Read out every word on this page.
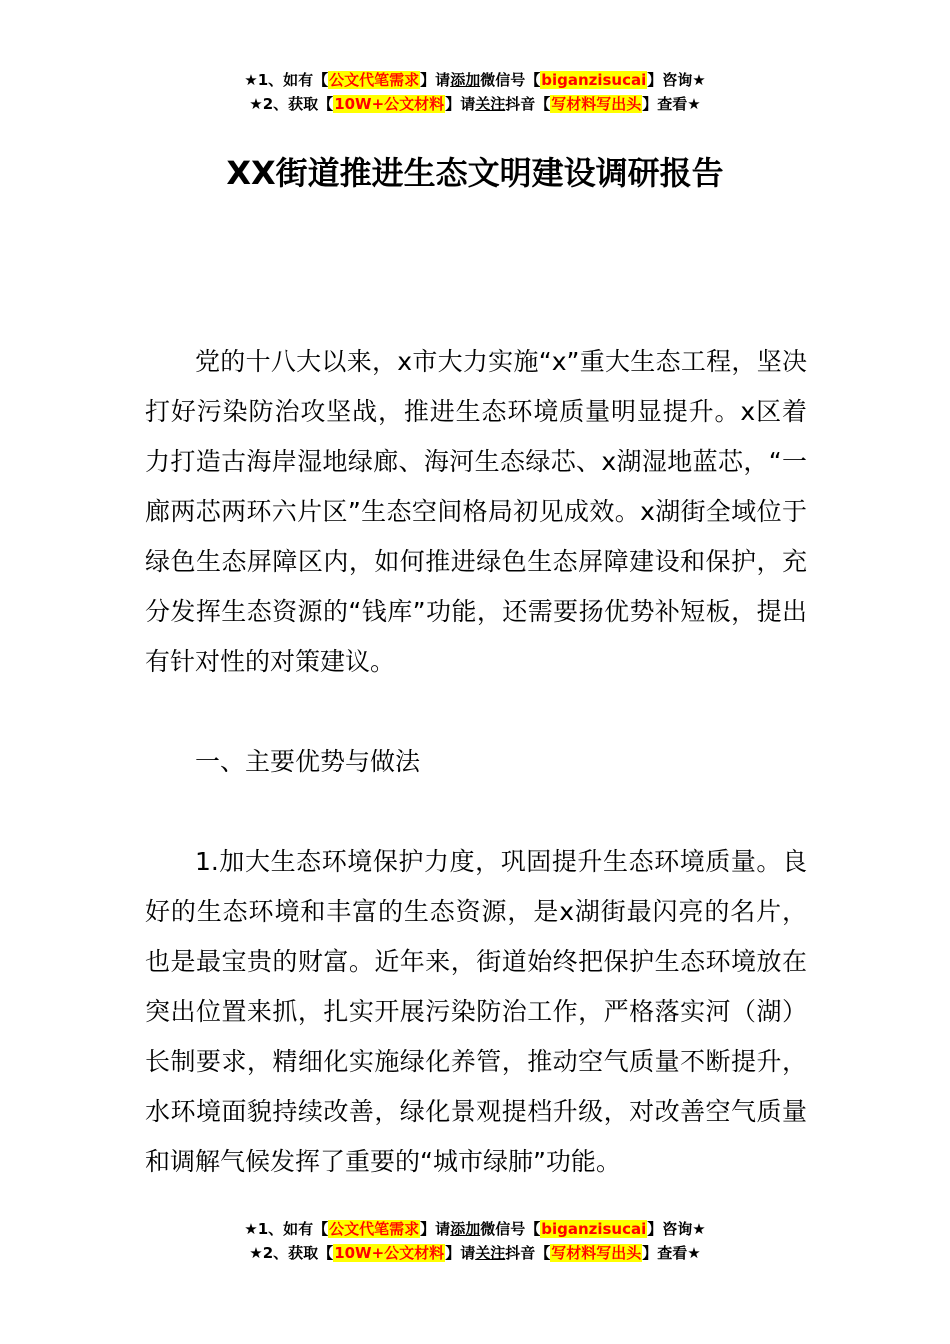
★1、如有【公文代笔需求】请添加微信号【biganzisucai】咨询★
★2、获取【10W+公文材料】请关注抖音【写材料写出头】查看★
XX街道推进生态文明建设调研报告

党的十八大以来，x市大力实施“x”重大生态工程，坚决打好污染防治攻坚战，推进生态环境质量明显提升。x区着力打造古海岸湿地绿廊、海河生态绿芯、x湖湿地蓝芯，“一廊两芯两环六片区”生态空间格局初见成效。x湖街全域位于绿色生态屏障区内，如何推进绿色生态屏障建设和保护，充分发挥生态资源的“钱库”功能，还需要扬优势补短板，提出有针对性的对策建议。

一、主要优势与做法

1.加大生态环境保护力度，巩固提升生态环境质量。良好的生态环境和丰富的生态资源，是x湖街最闪亮的名片，也是最宝贵的财富。近年来，街道始终把保护生态环境放在突出位置来抓，扎实开展污染防治工作，严格落实河（湖）长制要求，精细化实施绿化养管，推动空气质量不断提升，水环境面貌持续改善，绿化景观提档升级，对改善空气质量和调解气候发挥了重要的“城市绿肺”功能。

★1、如有【公文代笔需求】请添加微信号【biganzisucai】咨询★
★2、获取【10W+公文材料】请关注抖音【写材料写出头】查看★
